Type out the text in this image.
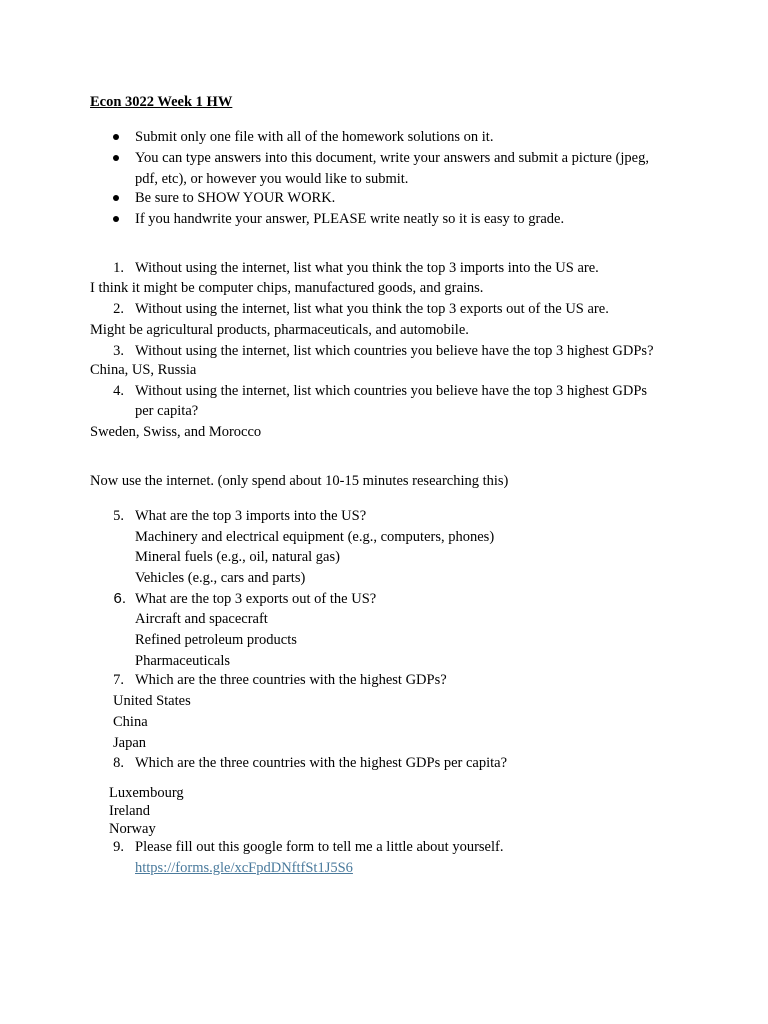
Econ 3022 Week 1 HW
Submit only one file with all of the homework solutions on it.
You can type answers into this document, write your answers and submit a picture (jpeg,
pdf, etc), or however you would like to submit.
Be sure to SHOW YOUR WORK.
If you handwrite your answer, PLEASE write neatly so it is easy to grade.
1. Without using the internet, list what you think the top 3 imports into the US are.
I think it might be computer chips, manufactured goods, and grains.
2. Without using the internet, list what you think the top 3 exports out of the US are.
Might be agricultural products, pharmaceuticals, and automobile.
3. Without using the internet, list which countries you believe have the top 3 highest GDPs?
China, US, Russia
4. Without using the internet, list which countries you believe have the top 3 highest GDPs
per capita?
Sweden, Swiss, and Morocco
Now use the internet. (only spend about 10-15 minutes researching this)
5. What are the top 3 imports into the US?
Machinery and electrical equipment (e.g., computers, phones)
Mineral fuels (e.g., oil, natural gas)
Vehicles (e.g., cars and parts)
6. What are the top 3 exports out of the US?
Aircraft and spacecraft
Refined petroleum products
Pharmaceuticals
7. Which are the three countries with the highest GDPs?
United States
China
Japan
8. Which are the three countries with the highest GDPs per capita?
Luxembourg
Ireland
Norway
9. Please fill out this google form to tell me a little about yourself.
https://forms.gle/xcFpdDNftfSt1J5S6
